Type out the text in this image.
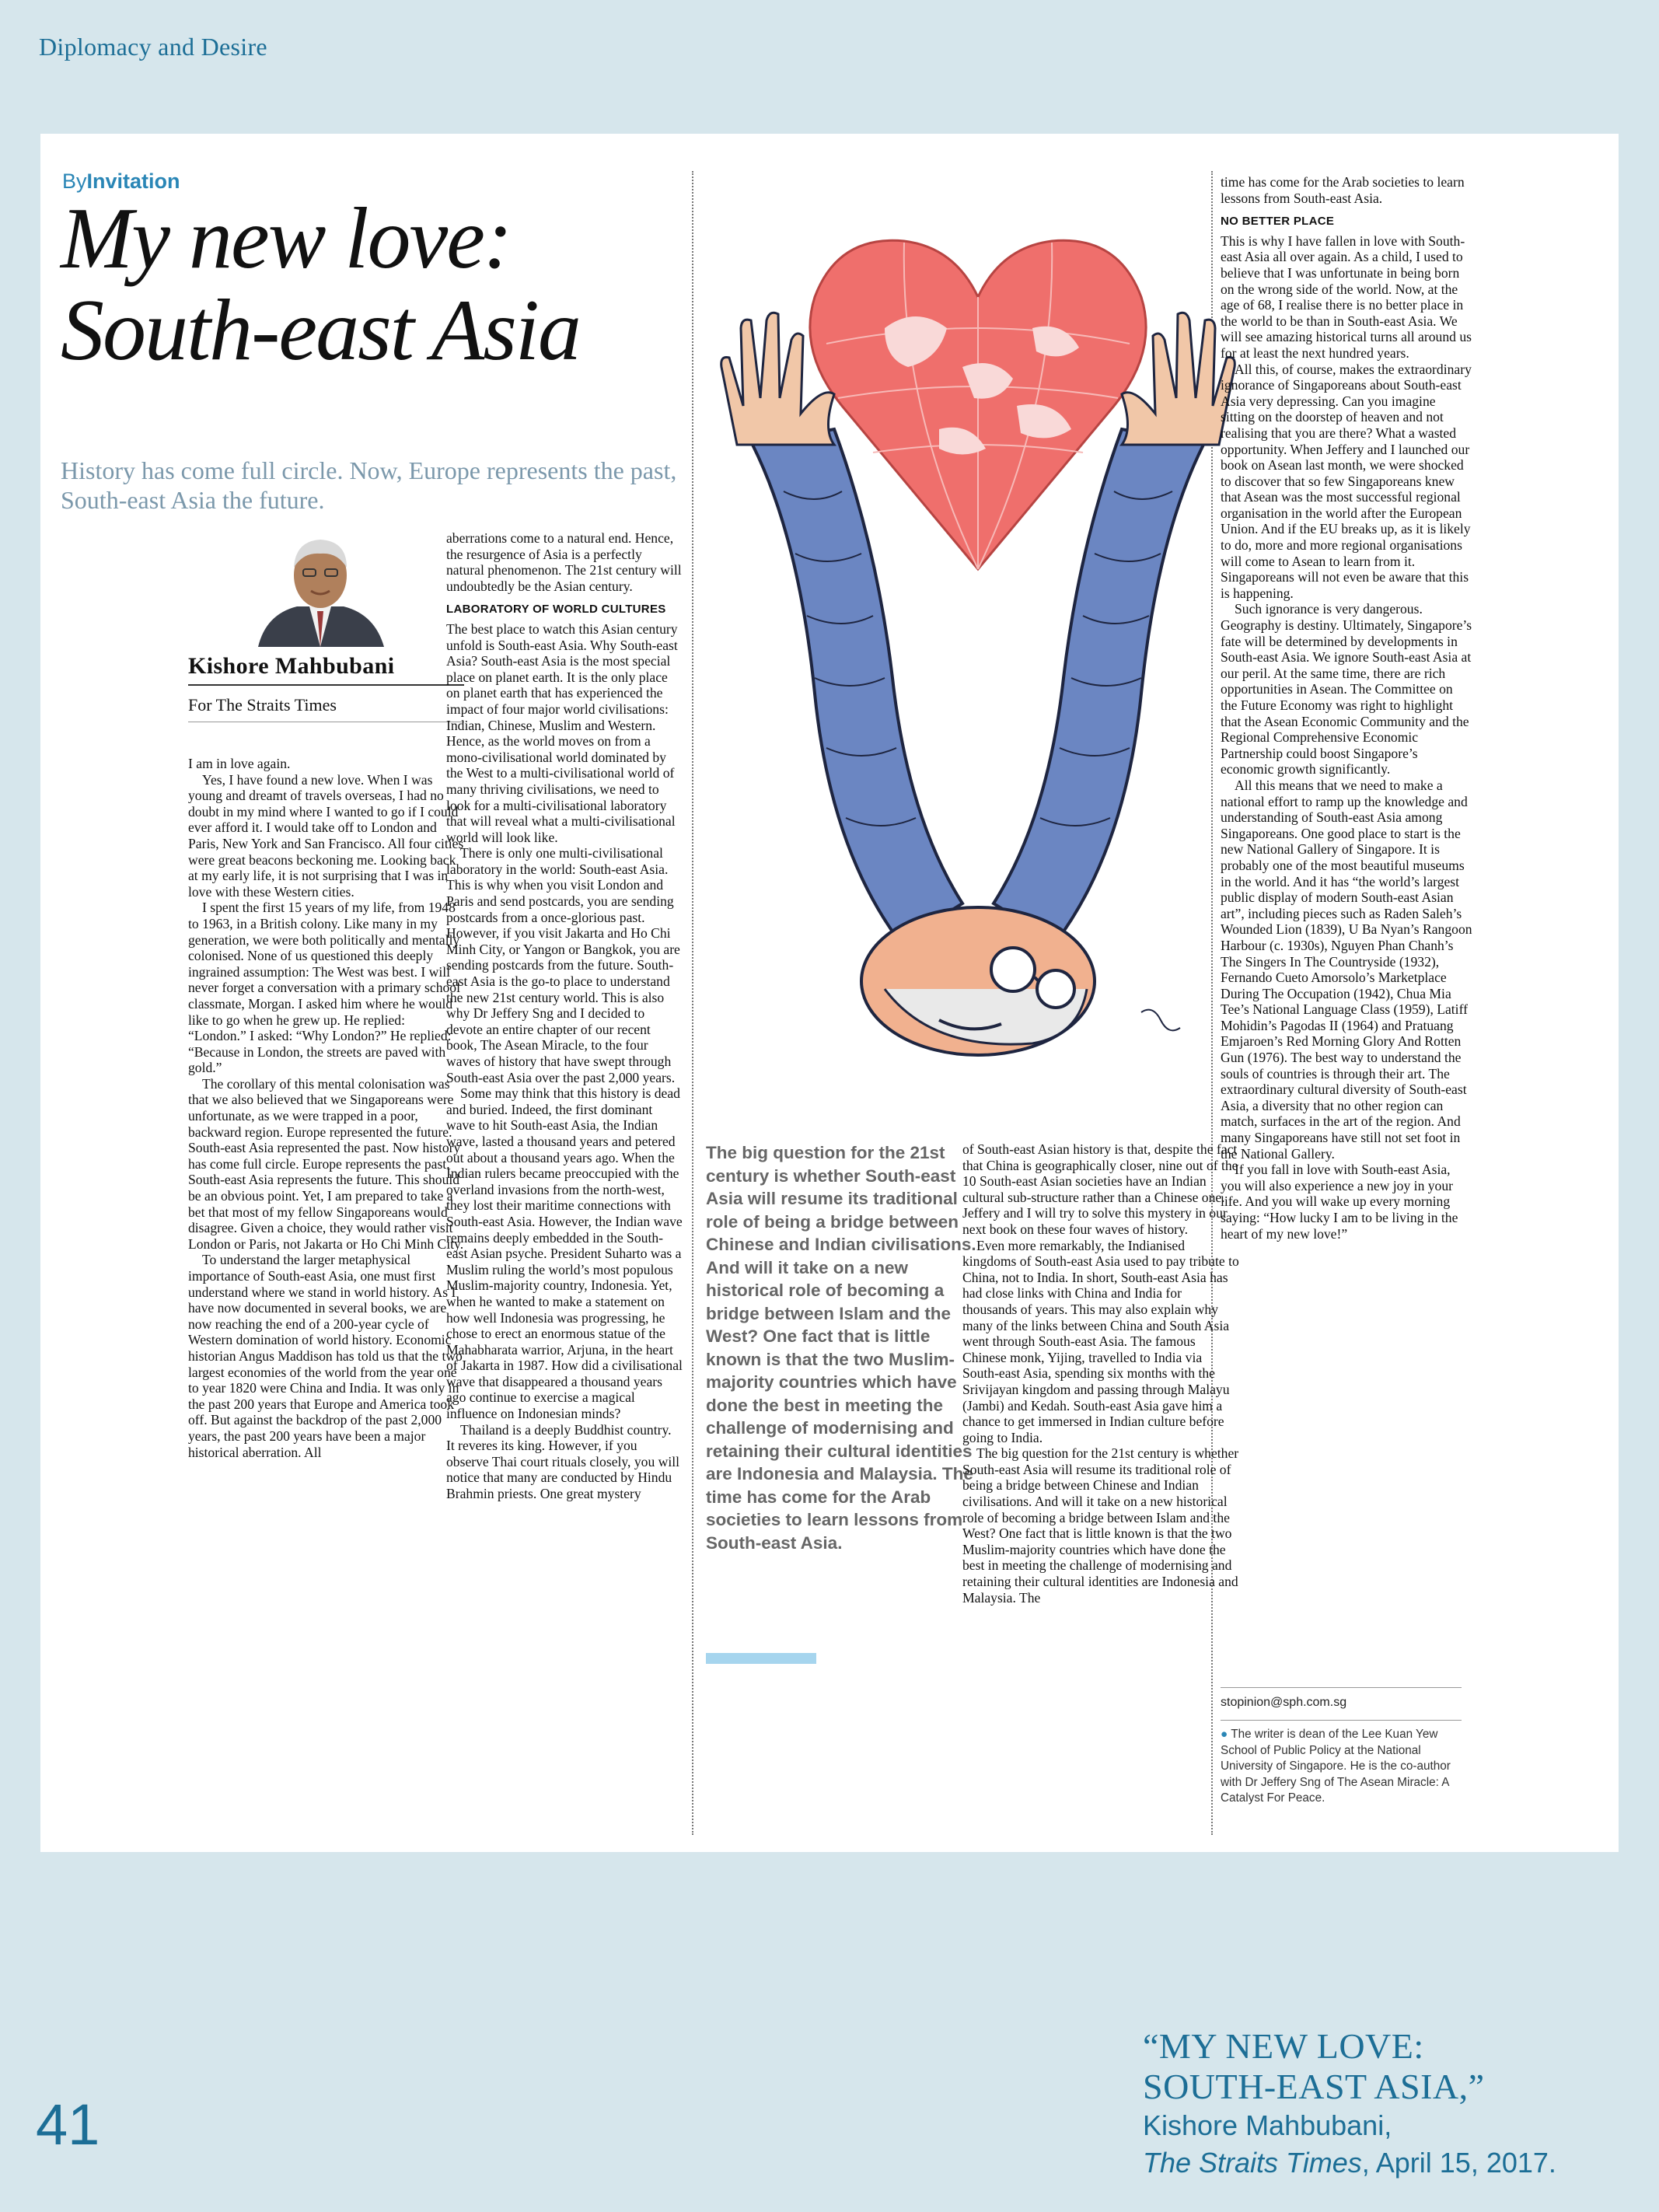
Diplomacy and Desire
ByInvitation
My new love:
South-east Asia
History has come full circle. Now, Europe represents the past, South-east Asia the future.
Kishore Mahbubani
For The Straits Times

I am in love again.

Yes, I have found a new love. When I was young and dreamt of travels overseas, I had no doubt in my mind where I wanted to go if I could ever afford it. I would take off to London and Paris, New York and San Francisco. All four cities were great beacons beckoning me. Looking back at my early life, it is not surprising that I was in love with these Western cities.

I spent the first 15 years of my life, from 1948 to 1963, in a British colony. Like many in my generation, we were both politically and mentally colonised. None of us questioned this deeply ingrained assumption: The West was best. I will never forget a conversation with a primary school classmate, Morgan. I asked him where he would like to go when he grew up. He replied: “London.” I asked: “Why London?” He replied: “Because in London, the streets are paved with gold.”

The corollary of this mental colonisation was that we also believed that we Singaporeans were unfortunate, as we were trapped in a poor, backward region. Europe represented the future. South-east Asia represented the past. Now history has come full circle. Europe represents the past. South-east Asia represents the future. This should be an obvious point. Yet, I am prepared to take a bet that most of my fellow Singaporeans would disagree. Given a choice, they would rather visit London or Paris, not Jakarta or Ho Chi Minh City.

To understand the larger metaphysical importance of South-east Asia, one must first understand where we stand in world history. As I have now documented in several books, we are now reaching the end of a 200-year cycle of Western domination of world history. Economic historian Angus Maddison has told us that the two largest economies of the world from the year one to year 1820 were China and India. It was only in the past 200 years that Europe and America took off. But against the backdrop of the past 2,000 years, the past 200 years have been a major historical aberration. All

aberrations come to a natural end. Hence, the resurgence of Asia is a perfectly natural phenomenon. The 21st century will undoubtedly be the Asian century.

LABORATORY OF WORLD CULTURES

The best place to watch this Asian century unfold is South-east Asia. Why South-east Asia? South-east Asia is the most special place on planet earth. It is the only place on planet earth that has experienced the impact of four major world civilisations: Indian, Chinese, Muslim and Western. Hence, as the world moves on from a mono-civilisational world dominated by the West to a multi-civilisational world of many thriving civilisations, we need to look for a multi-civilisational laboratory that will reveal what a multi-civilisational world will look like.

There is only one multi-civilisational laboratory in the world: South-east Asia. This is why when you visit London and Paris and send postcards, you are sending postcards from a once-glorious past. However, if you visit Jakarta and Ho Chi Minh City, or Yangon or Bangkok, you are sending postcards from the future. South-east Asia is the go-to place to understand the new 21st century world. This is also why Dr Jeffery Sng and I decided to devote an entire chapter of our recent book, The Asean Miracle, to the four waves of history that have swept through South-east Asia over the past 2,000 years.

Some may think that this history is dead and buried. Indeed, the first dominant wave to hit South-east Asia, the Indian wave, lasted a thousand years and petered out about a thousand years ago. When the Indian rulers became preoccupied with the overland invasions from the north-west, they lost their maritime connections with South-east Asia. However, the Indian wave remains deeply embedded in the South-east Asian psyche. President Suharto was a Muslim ruling the world’s most populous Muslim-majority country, Indonesia. Yet, when he wanted to make a statement on how well Indonesia was progressing, he chose to erect an enormous statue of the Mahabharata warrior, Arjuna, in the heart of Jakarta in 1987. How did a civilisational wave that disappeared a thousand years ago continue to exercise a magical influence on Indonesian minds?

Thailand is a deeply Buddhist country. It reveres its king. However, if you observe Thai court rituals closely, you will notice that many are conducted by Hindu Brahmin priests. One great mystery

The big question for the 21st century is whether South-east Asia will resume its traditional role of being a bridge between Chinese and Indian civilisations. And will it take on a new historical role of becoming a bridge between Islam and the West? One fact that is little known is that the two Muslim-majority countries which have done the best in meeting the challenge of modernising and retaining their cultural identities are Indonesia and Malaysia. The time has come for the Arab societies to learn lessons from South-east Asia.

of South-east Asian history is that, despite the fact that China is geographically closer, nine out of the 10 South-east Asian societies have an Indian cultural sub-structure rather than a Chinese one. Jeffery and I will try to solve this mystery in our next book on these four waves of history.

Even more remarkably, the Indianised kingdoms of South-east Asia used to pay tribute to China, not to India. In short, South-east Asia has had close links with China and India for thousands of years. This may also explain why many of the links between China and South Asia went through South-east Asia. The famous Chinese monk, Yijing, travelled to India via South-east Asia, spending six months with the Srivijayan kingdom and passing through Malayu (Jambi) and Kedah. South-east Asia gave him a chance to get immersed in Indian culture before going to India.

The big question for the 21st century is whether South-east Asia will resume its traditional role of being a bridge between Chinese and Indian civilisations. And will it take on a new historical role of becoming a bridge between Islam and the West? One fact that is little known is that the two Muslim-majority countries which have done the best in meeting the challenge of modernising and retaining their cultural identities are Indonesia and Malaysia. The

time has come for the Arab societies to learn lessons from South-east Asia.

NO BETTER PLACE

This is why I have fallen in love with South-east Asia all over again. As a child, I used to believe that I was unfortunate in being born on the wrong side of the world. Now, at the age of 68, I realise there is no better place in the world to be than in South-east Asia. We will see amazing historical turns all around us for at least the next hundred years.

All this, of course, makes the extraordinary ignorance of Singaporeans about South-east Asia very depressing. Can you imagine sitting on the doorstep of heaven and not realising that you are there? What a wasted opportunity. When Jeffery and I launched our book on Asean last month, we were shocked to discover that so few Singaporeans knew that Asean was the most successful regional organisation in the world after the European Union. And if the EU breaks up, as it is likely to do, more and more regional organisations will come to Asean to learn from it. Singaporeans will not even be aware that this is happening.

Such ignorance is very dangerous. Geography is destiny. Ultimately, Singapore’s fate will be determined by developments in South-east Asia. We ignore South-east Asia at our peril. At the same time, there are rich opportunities in Asean. The Committee on the Future Economy was right to highlight that the Asean Economic Community and the Regional Comprehensive Economic Partnership could boost Singapore’s economic growth significantly.

All this means that we need to make a national effort to ramp up the knowledge and understanding of South-east Asia among Singaporeans. One good place to start is the new National Gallery of Singapore. It is probably one of the most beautiful museums in the world. And it has “the world’s largest public display of modern South-east Asian art”, including pieces such as Raden Saleh’s Wounded Lion (1839), U Ba Nyan’s Rangoon Harbour (c. 1930s), Nguyen Phan Chanh’s The Singers In The Countryside (1932), Fernando Cueto Amorsolo’s Marketplace During The Occupation (1942), Chua Mia Tee’s National Language Class (1959), Latiff Mohidin’s Pagodas II (1964) and Pratuang Emjaroen’s Red Morning Glory And Rotten Gun (1976). The best way to understand the souls of countries is through their art. The extraordinary cultural diversity of South-east Asia, a diversity that no other region can match, surfaces in the art of the region. And many Singaporeans have still not set foot in the National Gallery.

If you fall in love with South-east Asia, you will also experience a new joy in your life. And you will wake up every morning saying: “How lucky I am to be living in the heart of my new love!”

stopinion@sph.com.sg
● The writer is dean of the Lee Kuan Yew School of Public Policy at the National University of Singapore. He is the co-author with Dr Jeffery Sng of The Asean Miracle: A Catalyst For Peace.
41
“MY NEW LOVE:
SOUTH-EAST ASIA,”
Kishore Mahbubani,
The Straits Times, April 15, 2017.
